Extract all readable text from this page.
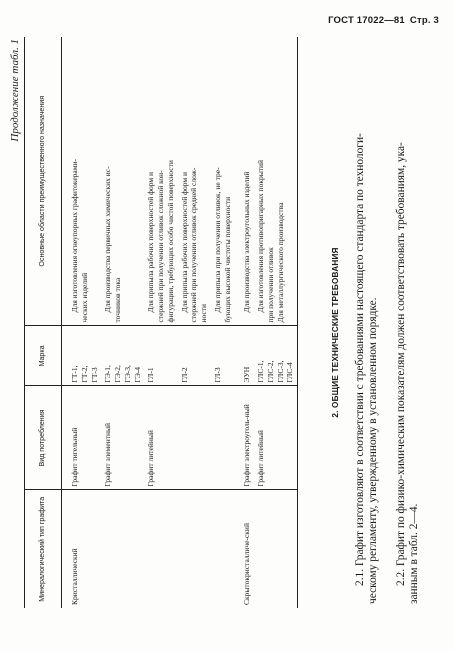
ГОСТ 17022—81 Стр. 3
Продолжение табл. 1
Минералогический тип графита	Вид потребления	Марка	Основные области преимущественного назначения
Кристаллический	Графит тигельный	ГТ-1, ГТ-2, ГТ-3	Для изготовления огнеупорных графитокерами- ческих изделий

	Графит элементный	ГЭ-1, ГЭ-2, ГЭ-3, ГЭ-4	Для производства первичных химических ис- точников тока

	Графит литейный	ГЛ-1	Для припыла рабочих поверхностей форм и стержней при получении отливок сложной кон- фигурации, требующих особо чистой поверхности

		ГЛ-2	Для припыла рабочих поверхностей форм и стержней при получении отливок средней слож- ности

		ГЛ-3	Для припыла при получении отливок, не тре- бующих высокой чистоты поверхности

Скрытокристалличе-ский	Графит электроуголь-ный	ЭУН	Для производства электроугольных изделий

	Графит литейный	ГЛС-1, ГЛС-2, ГЛС-3, ГЛС-4	Для изготовления противопригарных покрытий при получении отливок Для металлургического производства	2. ОБЩИЕ ТЕХНИЧЕСКИЕ ТРЕБОВАНИЯ 2.1. Графит изготовляют в соответствии с требованиями настоящего стандарта по технологи- ческому регламенту, утвержденному в установленном порядке. 2.2. Графит по физико-химическим показателям должен соответствовать требованиям, ука- занным в табл. 2—4.
